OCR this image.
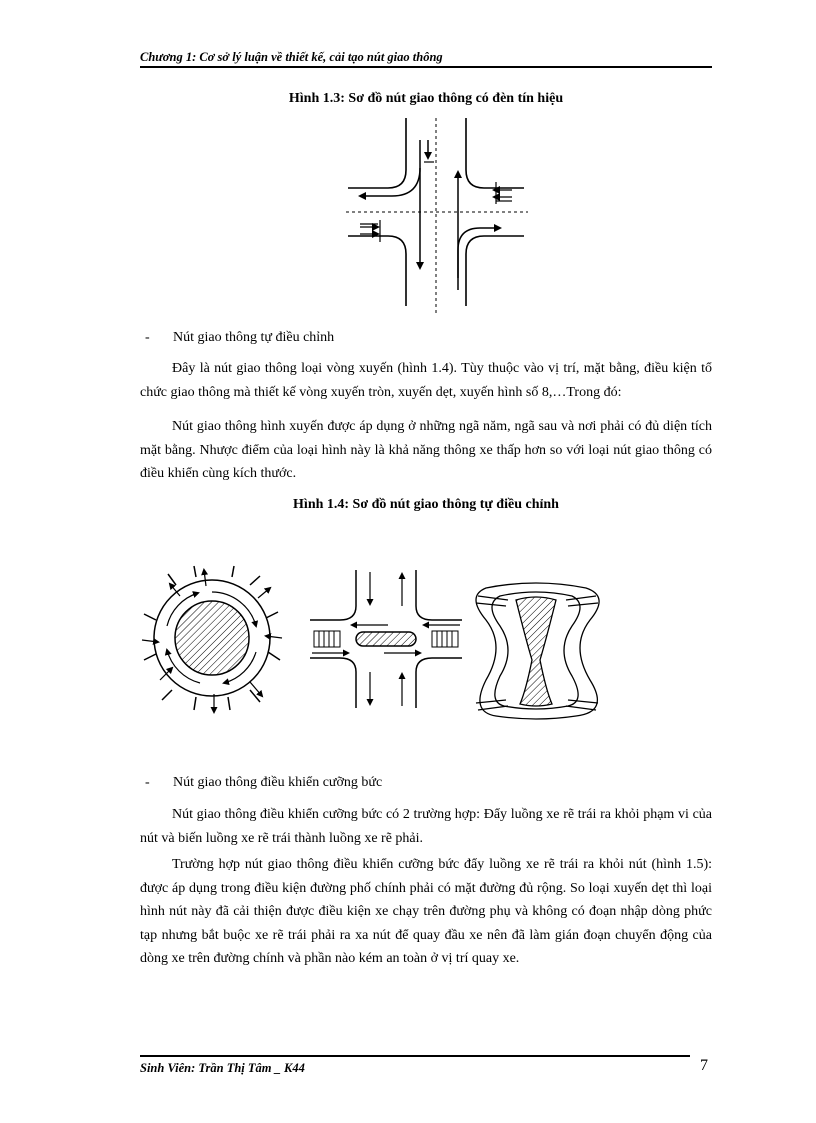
Chương 1: Cơ sở lý luận về thiết kế, cải tạo nút giao thông
Hình 1.3: Sơ đồ nút giao thông có đèn tín hiệu
- Nút giao thông tự điều chỉnh
Đây là nút giao thông loại vòng xuyến (hình 1.4). Tùy thuộc vào vị trí, mặt bằng, điều kiện tổ chức giao thông mà thiết kế vòng xuyến tròn, xuyến dẹt, xuyến hình số 8,…Trong đó:
Nút giao thông hình xuyến được áp dụng ở những ngã năm, ngã sau và nơi phải có đủ diện tích mặt bằng. Nhược điểm của loại hình này là khả năng thông xe thấp hơn so với loại nút giao thông có điều khiển cùng kích thước.
Hình 1.4: Sơ đồ nút giao thông tự điều chỉnh
- Nút giao thông điều khiển cưỡng bức
Nút giao thông điều khiển cưỡng bức có 2 trường hợp: Đẩy luồng xe rẽ trái ra khỏi phạm vi của nút và biến luồng xe rẽ trái thành luồng xe rẽ phải.
Trường hợp nút giao thông điều khiển cưỡng bức đẩy luồng xe rẽ trái ra khỏi nút (hình 1.5): được áp dụng trong điều kiện đường phố chính phải có mặt đường đủ rộng. So loại xuyến dẹt thì loại hình nút này đã cải thiện được điều kiện xe chạy trên đường phụ và không có đoạn nhập dòng phức tạp nhưng bắt buộc xe rẽ trái phải ra xa nút để quay đầu xe nên đã làm gián đoạn chuyển động của dòng xe trên đường chính và phần nào kém an toàn ở vị trí quay xe.
Sinh Viên: Trần Thị Tâm _ K44	7
